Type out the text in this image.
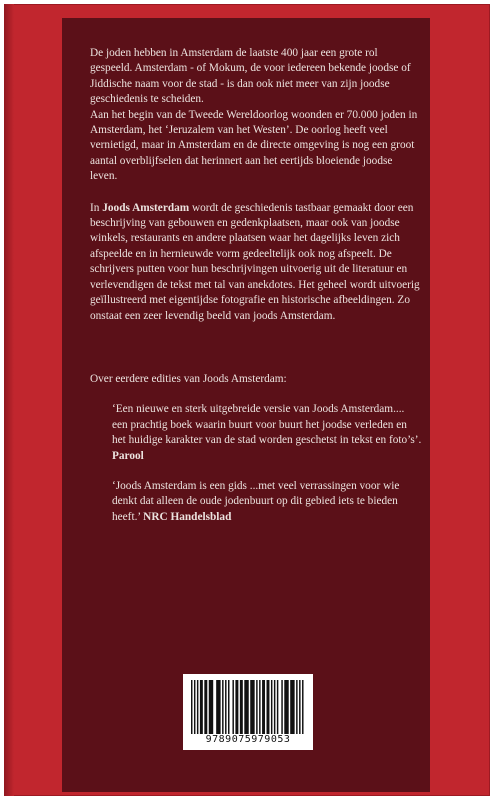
De joden hebben in Amsterdam de laatste 400 jaar een grote rol gespeeld. Amsterdam - of Mokum, de voor iedereen bekende joodse of Jiddische naam voor de stad - is dan ook niet meer van zijn joodse geschiedenis te scheiden.

Aan het begin van de Tweede Wereldoorlog woonden er 70.000 joden in Amsterdam, het ‘Jeruzalem van het Westen’. De oorlog heeft veel vernietigd, maar in Amsterdam en de directe omgeving is nog een groot aantal overblijfselen dat herinnert aan het eertijds bloeiende joodse leven.

In Joods Amsterdam wordt de geschiedenis tastbaar gemaakt door een beschrijving van gebouwen en gedenkplaatsen, maar ook van joodse winkels, restaurants en andere plaatsen waar het dagelijks leven zich afspeelde en in hernieuwde vorm gedeeltelijk ook nog afspeelt. De schrijvers putten voor hun beschrijvingen uitvoerig uit de literatuur en verlevendigen de tekst met tal van anekdotes. Het geheel wordt uitvoerig geïllustreerd met eigentijdse fotografie en historische afbeeldingen. Zo onstaat een zeer levendig beeld van joods Amsterdam.

Over eerdere edities van Joods Amsterdam:

‘Een nieuwe en sterk uitgebreide versie van Joods Amsterdam.... een prachtig boek waarin buurt voor buurt het joodse verleden en het huidige karakter van de stad worden geschetst in tekst en foto’s’. Parool

‘Joods Amsterdam is een gids ...met veel verrassingen voor wie denkt dat alleen de oude jodenbuurt op dit gebied iets te bieden heeft.’ NRC Handelsblad

9789075979053
